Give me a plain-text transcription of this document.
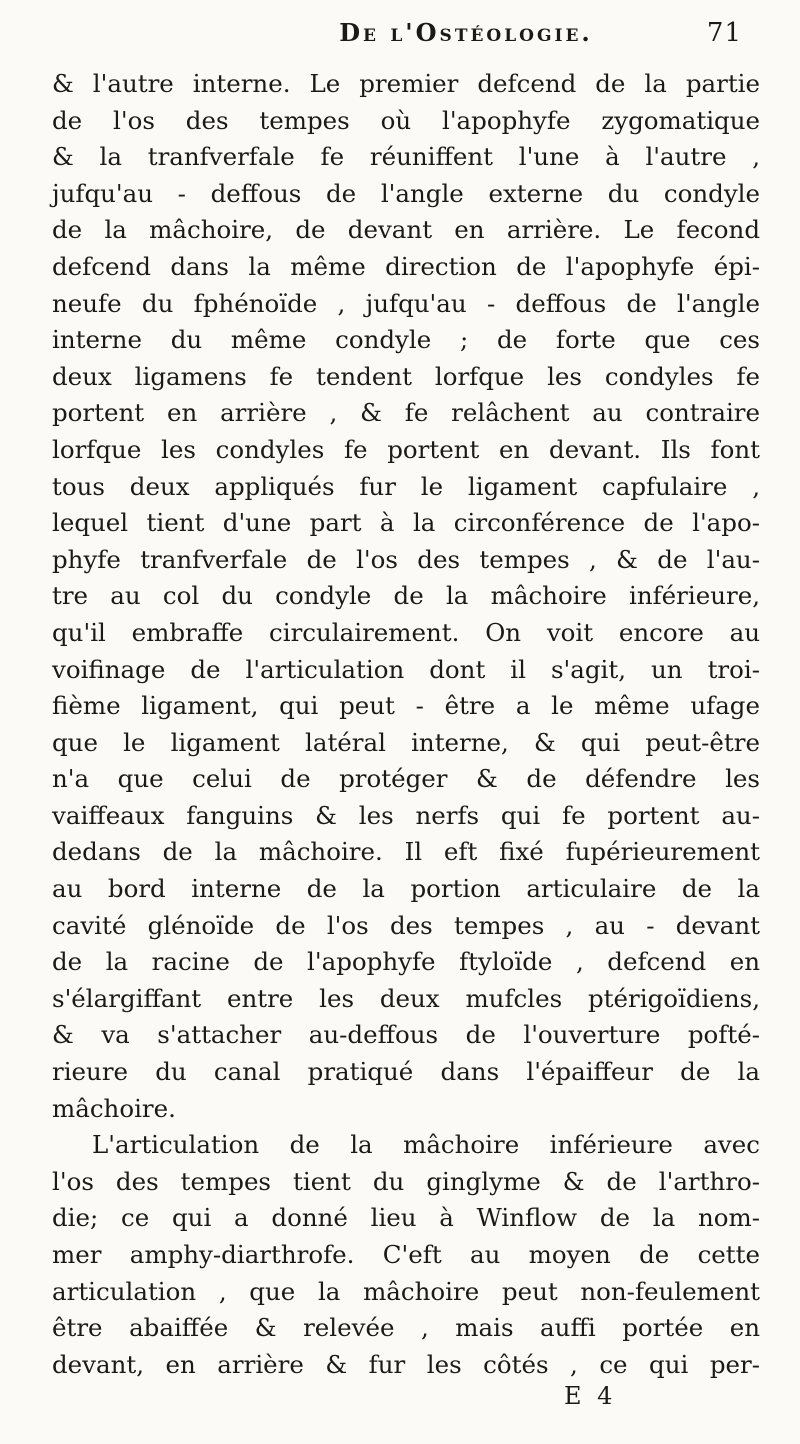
De l'Ostéologie.	71
& l'autre interne. Le premier defcend de la partie
de l'os des tempes où l'apophyfe zygomatique
& la tranfverfale fe réuniffent l'une à l'autre ,
jufqu'au - deffous de l'angle externe du condyle
de la mâchoire, de devant en arrière. Le fecond
defcend dans la même direction de l'apophyfe épi-
neufe du fphénoïde , jufqu'au - deffous de l'angle
interne du même condyle ; de forte que ces
deux ligamens fe tendent lorfque les condyles fe
portent en arrière , & fe relâchent au contraire
lorfque les condyles fe portent en devant. Ils font
tous deux appliqués fur le ligament capfulaire ,
lequel tient d'une part à la circonférence de l'apo-
phyfe tranfverfale de l'os des tempes , & de l'au-
tre au col du condyle de la mâchoire inférieure,
qu'il embraffe circulairement. On voit encore au
voifinage de l'articulation dont il s'agit, un troi-
fième ligament, qui peut - être a le même ufage
que le ligament latéral interne, & qui peut-être
n'a que celui de protéger & de défendre les
vaiffeaux fanguins & les nerfs qui fe portent au-
dedans de la mâchoire. Il eft fixé fupérieurement
au bord interne de la portion articulaire de la
cavité glénoïde de l'os des tempes , au - devant
de la racine de l'apophyfe ftyloïde , defcend en
s'élargiffant entre les deux mufcles ptérigoïdiens,
& va s'attacher au-deffous de l'ouverture pofté-
rieure du canal pratiqué dans l'épaiffeur de la
mâchoire.
L'articulation de la mâchoire inférieure avec
l'os des tempes tient du ginglyme & de l'arthro-
die; ce qui a donné lieu à Winflow de la nom-
mer amphy-diarthrofe. C'eft au moyen de cette
articulation , que la mâchoire peut non-feulement
être abaiffée & relevée , mais auffi portée en
devant, en arrière & fur les côtés , ce qui per-
E 4
